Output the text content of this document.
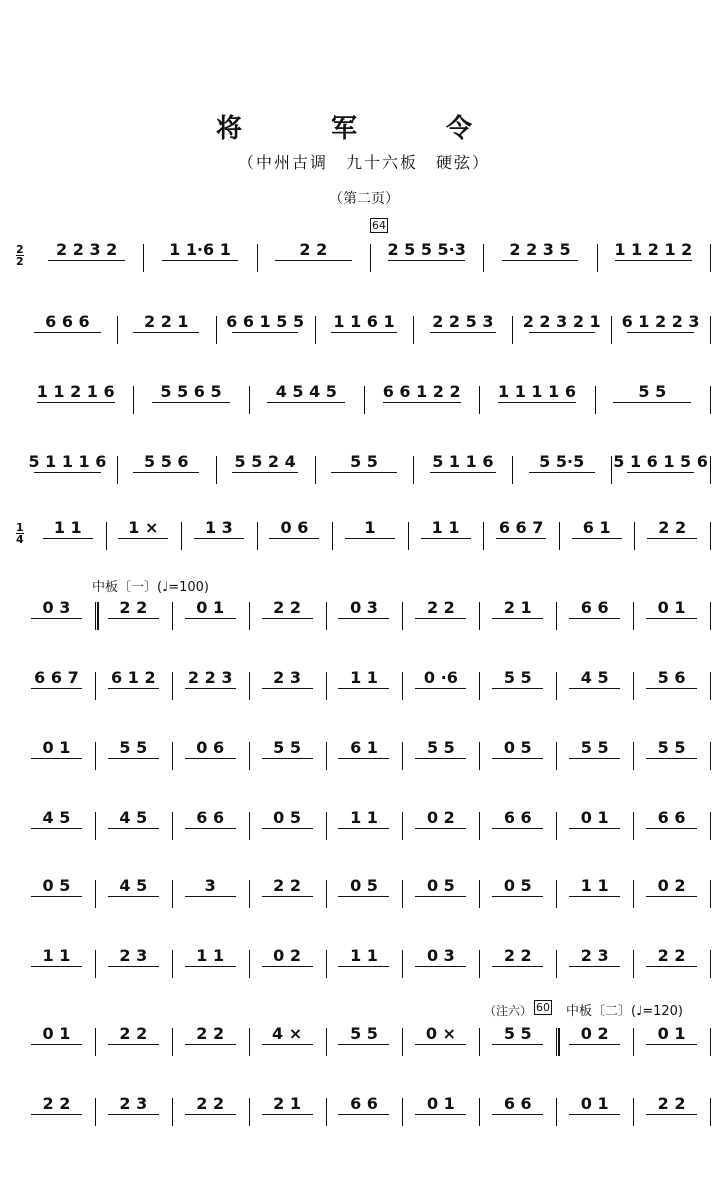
将 军 令
（中州古调　九十六板　硬弦）
（第二页）
64
中板〔一〕(♩=100)
（注六） 60 中板〔二〕(♩=120)
2 2 3 2	1 1·6 1	2 2	2 5 5 5·3	2 2 3 5	1 1 2 1 2
2
2
6 6 6	2 2 1	6 6 1 5 5	1 1 6 1	2 2 5 3	2 2 3 2 1	6 1 2 2 3
1 1 2 1 6	5 5 6 5	4 5 4 5	6 6 1 2 2	1 1 1 1 6	5 5
5 1 1 1 6	5 5 6	5 5 2 4	5 5	5 1 1 6	5 5·5	5 1 6 1 5 6
1 1	1 ×	1 3	0 6	1	1 1	6 6 7	6 1	2 2
1
4
0 3	2 2	0 1	2 2	0 3	2 2	2 1	6 6	0 1
6 6 7	6 1 2	2 2 3	2 3	1 1	0 ·6	5 5	4 5	5 6
0 1	5 5	0 6	5 5	6 1	5 5	0 5	5 5	5 5
4 5	4 5	6 6	0 5	1 1	0 2	6 6	0 1	6 6
0 5	4 5	3	2 2	0 5	0 5	0 5	1 1	0 2
1 1	2 3	1 1	0 2	1 1	0 3	2 2	2 3	2 2
0 1	2 2	2 2	4 ×	5 5	0 ×	5 5	0 2	0 1
2 2	2 3	2 2	2 1	6 6	0 1	6 6	0 1	2 2
